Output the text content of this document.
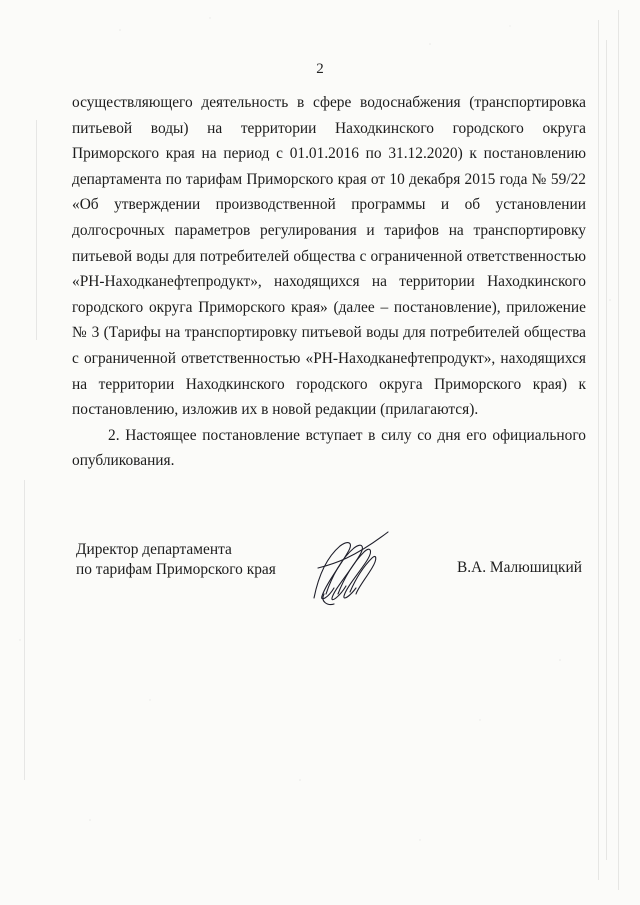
2

осуществляющего деятельность в сфере водоснабжения (транспортировка питьевой воды) на территории Находкинского городского округа Приморского края на период с 01.01.2016 по 31.12.2020) к постановлению департамента по тарифам Приморского края от 10 декабря 2015 года № 59/22 «Об утверждении производственной программы и об установлении долгосрочных параметров регулирования и тарифов на транспортировку питьевой воды для потребителей общества с ограниченной ответственностью «РН-Находканефтепродукт», находящихся на территории Находкинского городского округа Приморского края» (далее – постановление), приложение № 3 (Тарифы на транспортировку питьевой воды для потребителей общества с ограниченной ответственностью «РН-Находканефтепродукт», находящихся на территории Находкинского городского округа Приморского края) к постановлению, изложив их в новой редакции (прилагаются).

2. Настоящее постановление вступает в силу со дня его официального опубликования.

Директор департамента
по тарифам Приморского края	В.А. Малюшицкий
